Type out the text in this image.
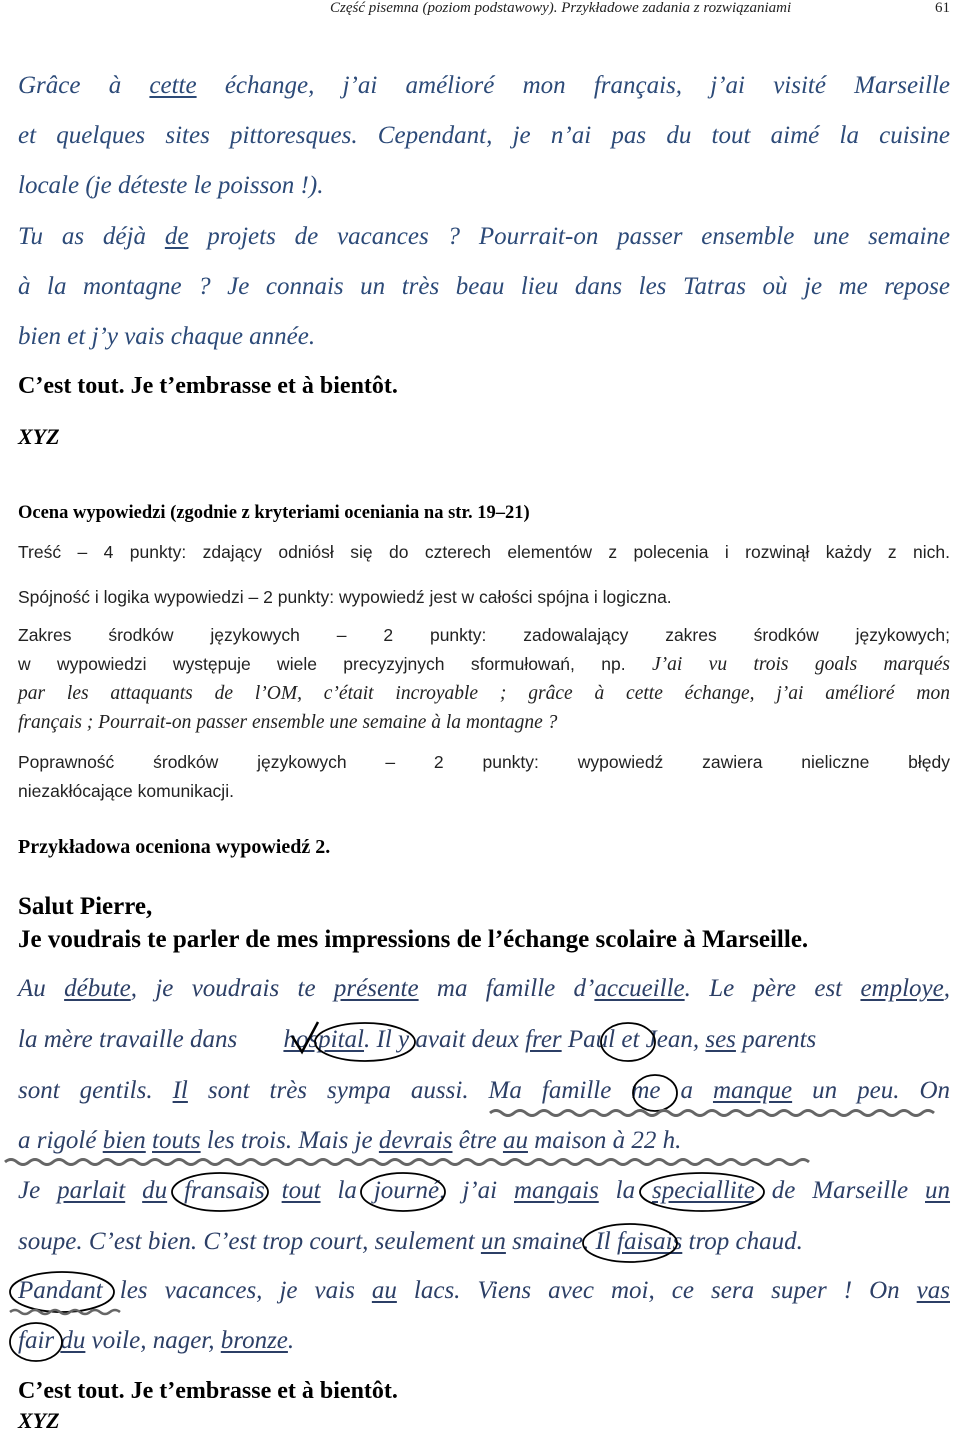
Część pisemna (poziom podstawowy). Przykładowe zadania z rozwiązaniami	61
Grâce à cette échange, j’ai amélioré mon français, j’ai visité Marseille
et quelques sites pittoresques. Cependant, je n’ai pas du tout aimé la cuisine
locale (je déteste le poisson !).
Tu as déjà de projets de vacances ? Pourrait-on passer ensemble une semaine
à la montagne ? Je connais un très beau lieu dans les Tatras où je me repose
bien et j’y vais chaque année.
C’est tout. Je t’embrasse et à bientôt.
XYZ
Ocena wypowiedzi (zgodnie z kryteriami oceniania na str. 19–21)
Treść – 4 punkty: zdający odniósł się do czterech elementów z polecenia i rozwinął każdy z nich.
Spójność i logika wypowiedzi – 2 punkty: wypowiedź jest w całości spójna i logiczna.
Zakres środków językowych – 2 punkty: zadowalający zakres środków językowych;
w wypowiedzi występuje wiele precyzyjnych sformułowań, np. J’ai vu trois goals marqués
par les attaquants de l’OM, c’était incroyable ; grâce à cette échange, j’ai amélioré mon
français ; Pourrait-on passer ensemble une semaine à la montagne ?
Poprawność środków językowych – 2 punkty: wypowiedź zawiera nieliczne błędy
niezakłócające komunikacji.
Przykładowa oceniona wypowiedź 2.
Salut Pierre,
Je voudrais te parler de mes impressions de l’échange scolaire à Marseille.
Au débute, je voudrais te présente ma famille d’accueille. Le père est employe,
la mère travaille dans hospital. Il y avait deux frer Paul et Jean, ses parents
sont gentils. Il sont très sympa aussi. Ma famille me a manque un peu. On
a rigolé bien touts les trois. Mais je devrais être au maison à 22 h.
Je parlait du fransais tout la journé, j’ai mangais la speciallite de Marseille un
soupe. C’est bien. C’est trop court, seulement un smaine. Il faisais trop chaud.
Pandant les vacances, je vais au lacs. Viens avec moi, ce sera super ! On vas
fair du voile, nager, bronze.
C’est tout. Je t’embrasse et à bientôt.
XYZ
